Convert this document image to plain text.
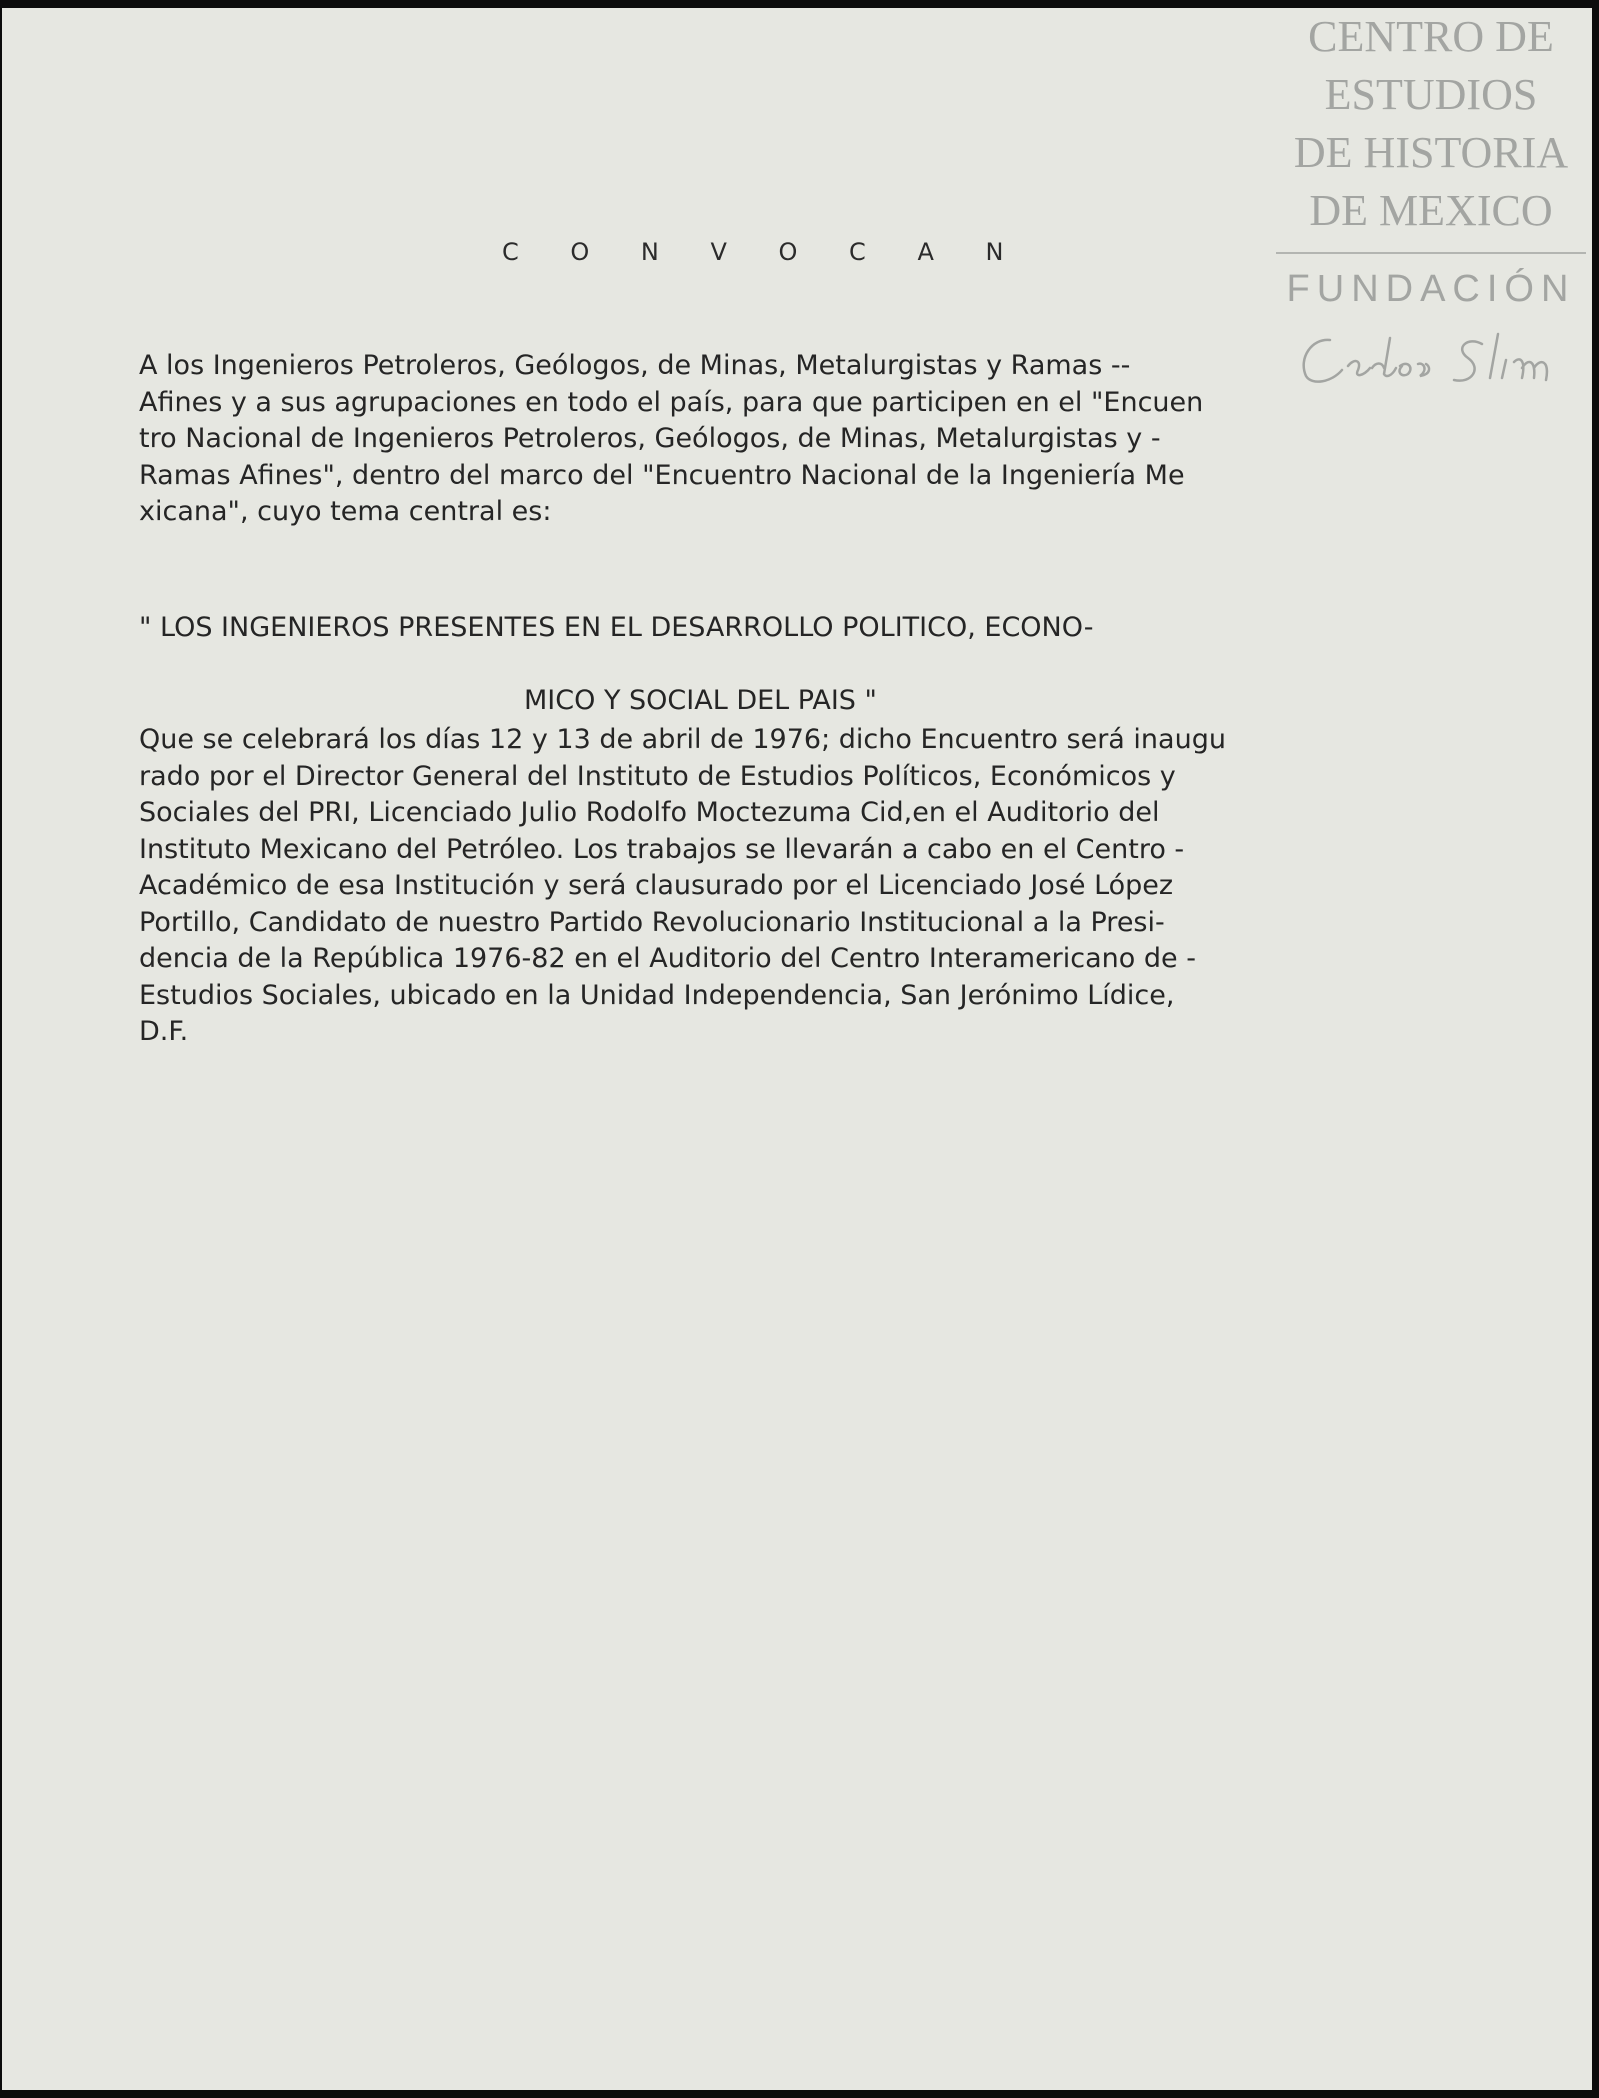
CENTRO DE
ESTUDIOS
DE HISTORIA
DE MEXICO
FUNDACIÓN
C O N V O C A N

A los Ingenieros Petroleros, Geólogos, de Minas, Metalurgistas y Ramas --
Afines y a sus agrupaciones en todo el país, para que participen en el "Encuen
tro Nacional de Ingenieros Petroleros, Geólogos, de Minas, Metalurgistas y -
Ramas Afines", dentro del marco del "Encuentro Nacional de la Ingeniería Me
xicana", cuyo tema central es:

" LOS INGENIEROS PRESENTES EN EL DESARROLLO POLITICO, ECONO-

MICO Y SOCIAL DEL PAIS "

Que se celebrará los días 12 y 13 de abril de 1976; dicho Encuentro será inaugu
rado por el Director General del Instituto de Estudios Políticos, Económicos y
Sociales del PRI, Licenciado Julio Rodolfo Moctezuma Cid,en el Auditorio del
Instituto Mexicano del Petróleo. Los trabajos se llevarán a cabo en el Centro -
Académico de esa Institución y será clausurado por el Licenciado José López
Portillo, Candidato de nuestro Partido Revolucionario Institucional a la Presi-
dencia de la República 1976-82 en el Auditorio del Centro Interamericano de -
Estudios Sociales, ubicado en la Unidad Independencia, San Jerónimo Lídice,
D.F.
